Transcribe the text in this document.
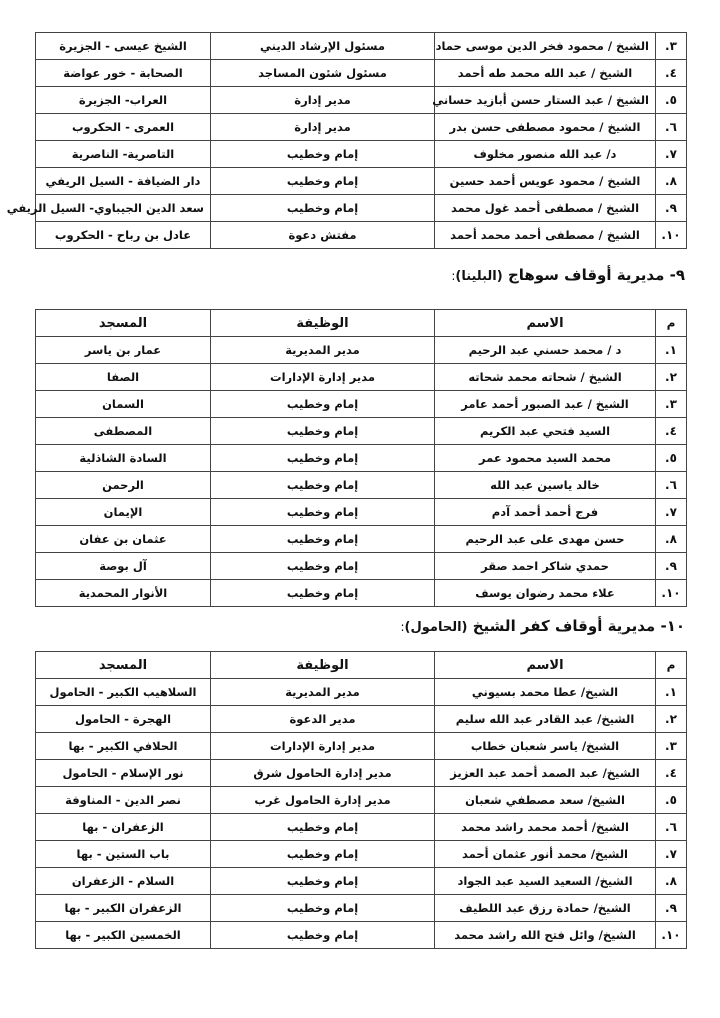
٣.	الشيخ / محمود فخر الدين موسى حماد	مسئول الإرشاد الديني	الشيخ عيسى - الجزيرة
٤.	الشيخ / عبد الله محمد طه أحمد	مسئول شئون المساجد	الصحابة - خور عواضة
٥.	الشيخ / عبد الستار حسن أبازيد حساني	مدير إدارة	العراب- الجزيرة
٦.	الشيخ / محمود مصطفى حسن بدر	مدير إدارة	العمرى - الحكروب
٧.	د/ عبد الله منصور مخلوف	إمام وخطيب	التاصرية- الناصرية
٨.	الشيخ / محمود عويس أحمد حسين	إمام وخطيب	دار الضيافة - السيل الريفي
٩.	الشيخ / مصطفى أحمد غول محمد	إمام وخطيب	سعد الدين الجيباوي- السيل الريفي
١٠.	الشيخ / مصطفى أحمد محمد أحمد	مفتش دعوة	عادل بن رباح - الحكروب
٩- مديرية أوقاف سوهاج (البلينا):
م	الاسم	الوظيفة	المسجد
١.	د / محمد حسني عبد الرحيم	مدير المديرية	عمار بن ياسر
٢.	الشيخ / شحاته محمد شحاته	مدير إدارة الإدارات	الصفا
٣.	الشيخ / عبد الصبور أحمد عامر	إمام وخطيب	السمان
٤.	السيد فتحي عبد الكريم	إمام وخطيب	المصطفى
٥.	محمد السيد محمود عمر	إمام وخطيب	السادة الشاذلية
٦.	خالد ياسين عبد الله	إمام وخطيب	الرحمن
٧.	فرج أحمد أحمد آدم	إمام وخطيب	الإيمان
٨.	حسن مهدى على عبد الرحيم	إمام وخطيب	عثمان بن عفان
٩.	حمدي شاكر احمد صقر	إمام وخطيب	آل بوصة
١٠.	علاء محمد رضوان يوسف	إمام وخطيب	الأنوار المحمدية
١٠- مديرية أوقاف كفر الشيخ (الحامول):
م	الاسم	الوظيفة	المسجد
١.	الشيخ/ عطا محمد بسيوني	مدير المديرية	السلاهيب الكبير - الحامول
٢.	الشيخ/ عبد القادر عبد الله سليم	مدير الدعوة	الهجرة - الحامول
٣.	الشيخ/ ياسر شعبان خطاب	مدير إدارة الإدارات	الحلافي الكبير - بها
٤.	الشيخ/ عبد الصمد أحمد عبد العزيز	مدير إدارة الحامول شرق	نور الإسلام - الحامول
٥.	الشيخ/ سعد مصطفي شعبان	مدير إدارة الحامول غرب	نصر الدين - المناوفة
٦.	الشيخ/ أحمد محمد راشد محمد	إمام وخطيب	الزعفران - بها
٧.	الشيخ/ محمد أنور عثمان أحمد	إمام وخطيب	باب الستين - بها
٨.	الشيخ/ السعيد السيد عبد الجواد	إمام وخطيب	السلام - الزعفران
٩.	الشيخ/ حمادة رزق عبد اللطيف	إمام وخطيب	الزعفران الكبير - بها
١٠.	الشيخ/ وائل فتح الله راشد محمد	إمام وخطيب	الخمسين الكبير - بها
